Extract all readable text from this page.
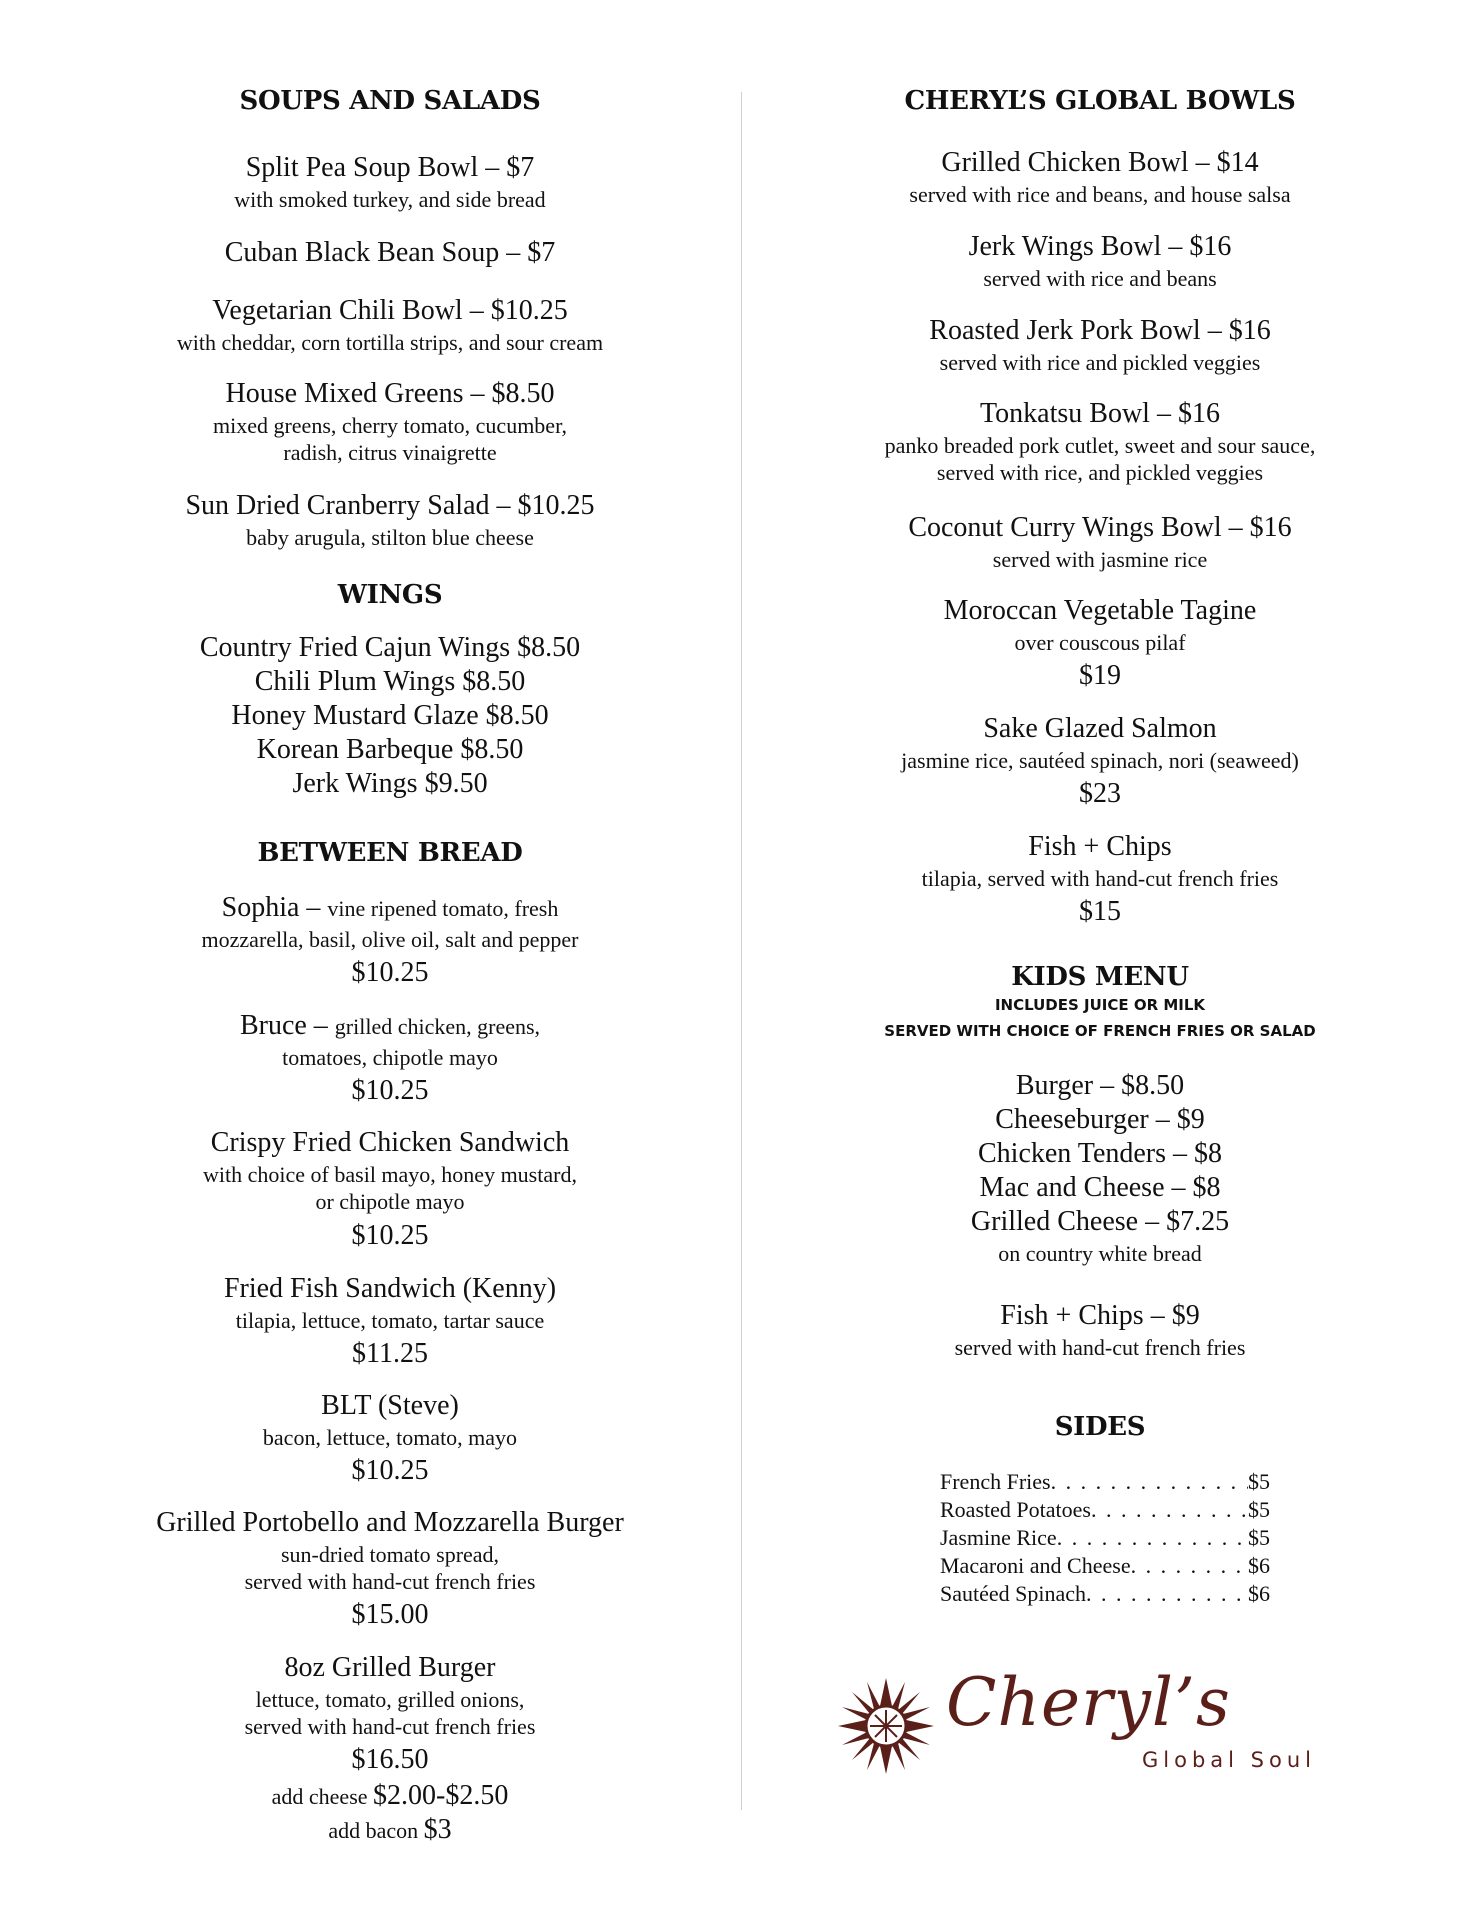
SOUPS AND SALADS
Split Pea Soup Bowl – $7
with smoked turkey, and side bread
Cuban Black Bean Soup – $7
Vegetarian Chili Bowl – $10.25
with cheddar, corn tortilla strips, and sour cream
House Mixed Greens – $8.50
mixed greens, cherry tomato, cucumber,
radish, citrus vinaigrette
Sun Dried Cranberry Salad – $10.25
baby arugula, stilton blue cheese
WINGS
Country Fried Cajun Wings $8.50
Chili Plum Wings $8.50
Honey Mustard Glaze $8.50
Korean Barbeque $8.50
Jerk Wings $9.50
BETWEEN BREAD
Sophia – vine ripened tomato, fresh
mozzarella, basil, olive oil, salt and pepper
$10.25
Bruce – grilled chicken, greens,
tomatoes, chipotle mayo
$10.25
Crispy Fried Chicken Sandwich
with choice of basil mayo, honey mustard,
or chipotle mayo
$10.25
Fried Fish Sandwich (Kenny)
tilapia, lettuce, tomato, tartar sauce
$11.25
BLT (Steve)
bacon, lettuce, tomato, mayo
$10.25
Grilled Portobello and Mozzarella Burger
sun-dried tomato spread,
served with hand-cut french fries
$15.00
8oz Grilled Burger
lettuce, tomato, grilled onions,
served with hand-cut french fries
$16.50
add cheese $2.00-$2.50
add bacon $3
CHERYL’S GLOBAL BOWLS
Grilled Chicken Bowl – $14
served with rice and beans, and house salsa
Jerk Wings Bowl – $16
served with rice and beans
Roasted Jerk Pork Bowl – $16
served with rice and pickled veggies
Tonkatsu Bowl – $16
panko breaded pork cutlet, sweet and sour sauce,
served with rice, and pickled veggies
Coconut Curry Wings Bowl – $16
served with jasmine rice
Moroccan Vegetable Tagine
over couscous pilaf
$19
Sake Glazed Salmon
jasmine rice, sautéed spinach, nori (seaweed)
$23
Fish + Chips
tilapia, served with hand-cut french fries
$15
KIDS MENU
INCLUDES JUICE OR MILK
SERVED WITH CHOICE OF FRENCH FRIES OR SALAD
Burger – $8.50
Cheeseburger – $9
Chicken Tenders – $8
Mac and Cheese – $8
Grilled Cheese – $7.25
on country white bread
Fish + Chips – $9
served with hand-cut french fries
SIDES
French Fries . . .	$5
Roasted Potatoes . . .	$5
Jasmine Rice . . .	$5
Macaroni and Cheese . . .	$6
Sautéed Spinach . . .	$6
Cheryl’s
Global Soul
